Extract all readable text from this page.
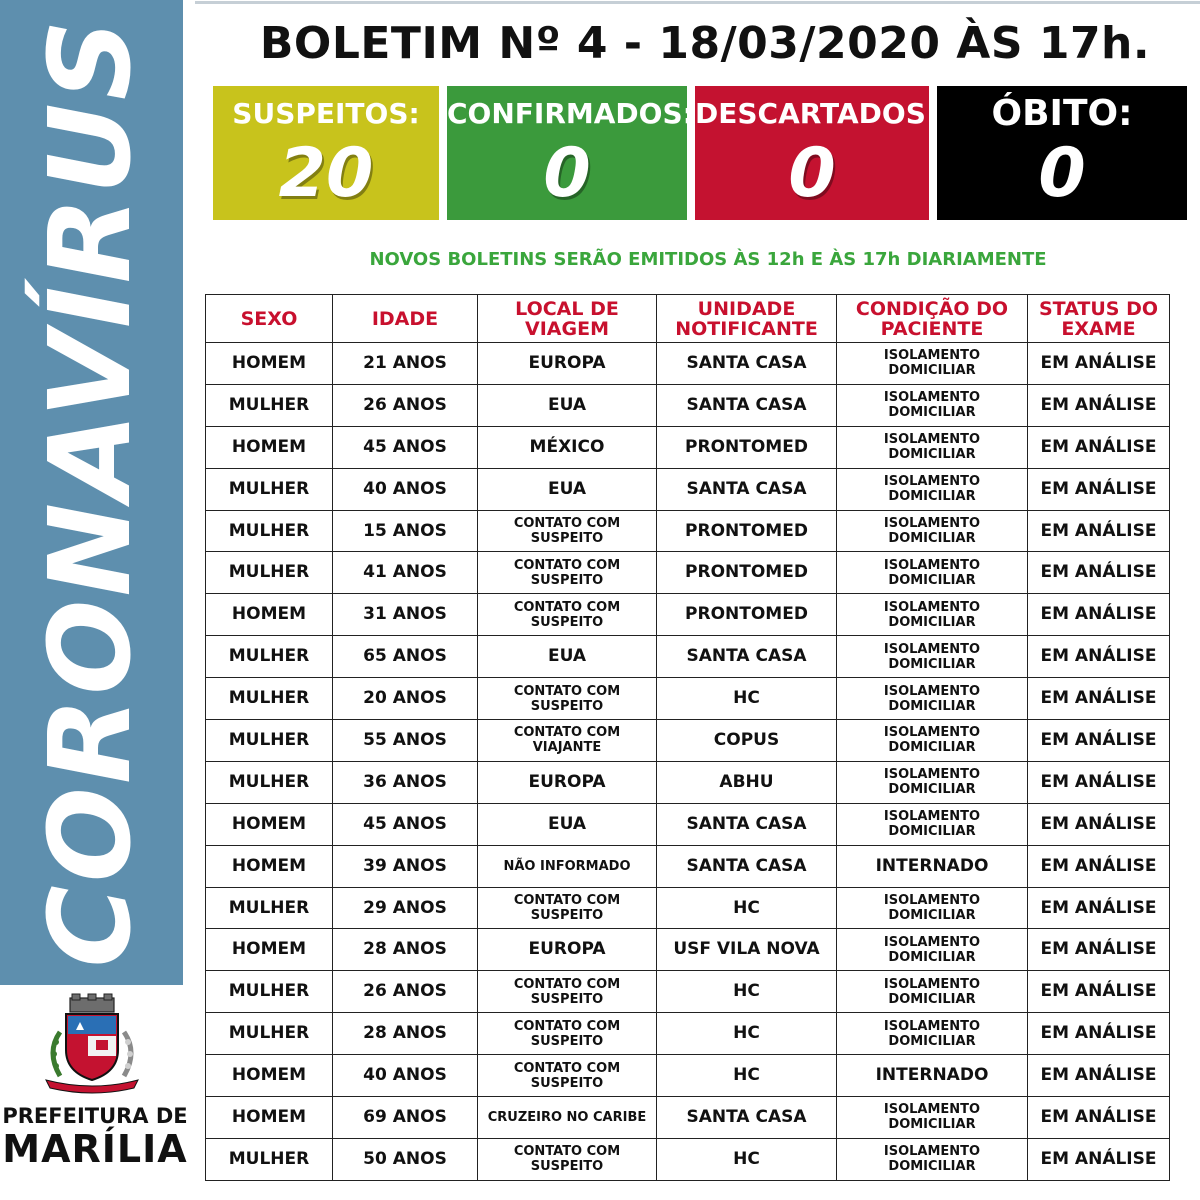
CORONAVÍRUS	BOLETIM Nº 4 - 18/03/2020 ÀS 17h.
SUSPEITOS:
20
CONFIRMADOS:
0
DESCARTADOS:
0
ÓBITO:
0
NOVOS BOLETINS SERÃO EMITIDOS ÀS 12h E ÀS 17h DIARIAMENTE
SEXO	IDADE	LOCAL DE VIAGEM	UNIDADE NOTIFICANTE	CONDIÇÃO DO PACIENTE	STATUS DO EXAME
HOMEM	21 ANOS	EUROPA	SANTA CASA	ISOLAMENTO DOMICILIAR	EM ANÁLISE
MULHER	26 ANOS	EUA	SANTA CASA	ISOLAMENTO DOMICILIAR	EM ANÁLISE
HOMEM	45 ANOS	MÉXICO	PRONTOMED	ISOLAMENTO DOMICILIAR	EM ANÁLISE
MULHER	40 ANOS	EUA	SANTA CASA	ISOLAMENTO DOMICILIAR	EM ANÁLISE
MULHER	15 ANOS	CONTATO COM SUSPEITO	PRONTOMED	ISOLAMENTO DOMICILIAR	EM ANÁLISE
MULHER	41 ANOS	CONTATO COM SUSPEITO	PRONTOMED	ISOLAMENTO DOMICILIAR	EM ANÁLISE
HOMEM	31 ANOS	CONTATO COM SUSPEITO	PRONTOMED	ISOLAMENTO DOMICILIAR	EM ANÁLISE
MULHER	65 ANOS	EUA	SANTA CASA	ISOLAMENTO DOMICILIAR	EM ANÁLISE
MULHER	20 ANOS	CONTATO COM SUSPEITO	HC	ISOLAMENTO DOMICILIAR	EM ANÁLISE
MULHER	55 ANOS	CONTATO COM VIAJANTE	COPUS	ISOLAMENTO DOMICILIAR	EM ANÁLISE
MULHER	36 ANOS	EUROPA	ABHU	ISOLAMENTO DOMICILIAR	EM ANÁLISE
HOMEM	45 ANOS	EUA	SANTA CASA	ISOLAMENTO DOMICILIAR	EM ANÁLISE
HOMEM	39 ANOS	NÃO INFORMADO	SANTA CASA	INTERNADO	EM ANÁLISE
MULHER	29 ANOS	CONTATO COM SUSPEITO	HC	ISOLAMENTO DOMICILIAR	EM ANÁLISE
HOMEM	28 ANOS	EUROPA	USF VILA NOVA	ISOLAMENTO DOMICILIAR	EM ANÁLISE
MULHER	26 ANOS	CONTATO COM SUSPEITO	HC	ISOLAMENTO DOMICILIAR	EM ANÁLISE
MULHER	28 ANOS	CONTATO COM SUSPEITO	HC	ISOLAMENTO DOMICILIAR	EM ANÁLISE
HOMEM	40 ANOS	CONTATO COM SUSPEITO	HC	INTERNADO	EM ANÁLISE
HOMEM	69 ANOS	CRUZEIRO NO CARIBE	SANTA CASA	ISOLAMENTO DOMICILIAR	EM ANÁLISE
MULHER	50 ANOS	CONTATO COM SUSPEITO	HC	ISOLAMENTO DOMICILIAR	EM ANÁLISE
PREFEITURA DE
MARÍLIA
